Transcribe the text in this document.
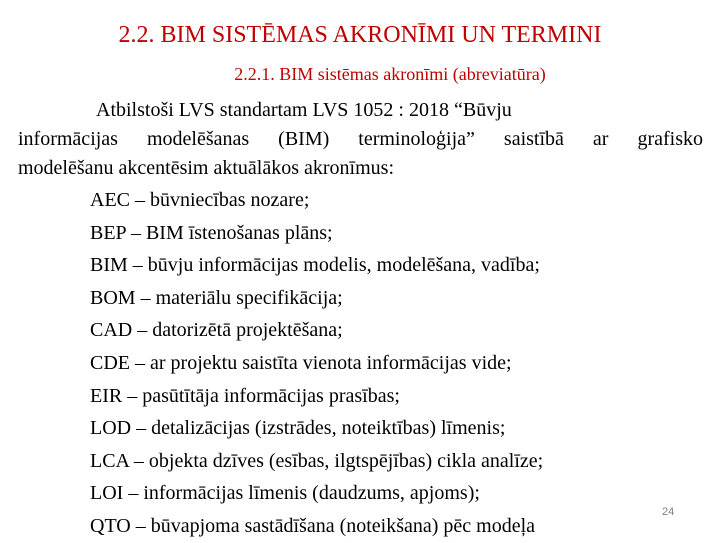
2.2. BIM SISTĒMAS AKRONĪMI UN TERMINI
2.2.1. BIM sistēmas akronīmi (abreviatūra)
Atbilstoši LVS standartam LVS 1052 : 2018 “Būvju
informācijas modelēšanas (BIM) terminoloģija” saistībā ar grafisko
modelēšanu akcentēsim aktuālākos akronīmus:
AEC – būvniecības nozare;
BEP – BIM īstenošanas plāns;
BIM – būvju informācijas modelis, modelēšana, vadība;
BOM – materiālu specifikācija;
CAD – datorizētā projektēšana;
CDE – ar projektu saistīta vienota informācijas vide;
EIR – pasūtītāja informācijas prasības;
LOD – detalizācijas (izstrādes, noteiktības) līmenis;
LCA – objekta dzīves (esības, ilgtspējības) cikla analīze;
LOI – informācijas līmenis (daudzums, apjoms);
QTO – būvapjoma sastādīšana (noteikšana) pēc modeļa
24
